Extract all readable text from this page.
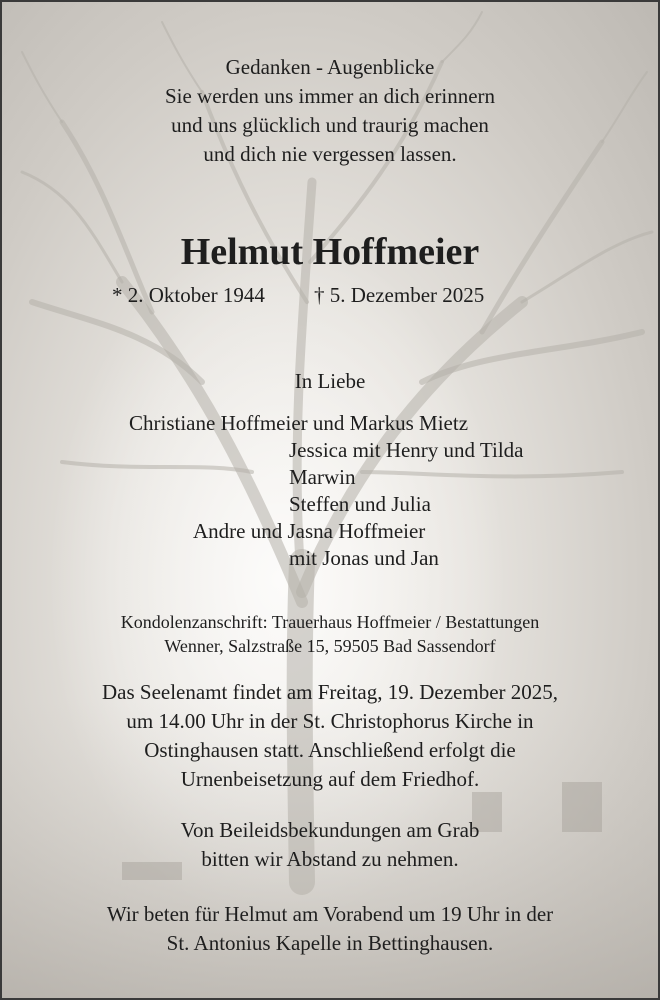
Gedanken - Augenblicke
Sie werden uns immer an dich erinnern
und uns glücklich und traurig machen
und dich nie vergessen lassen.
Helmut Hoffmeier
* 2. Oktober 1944 † 5. Dezember 2025
In Liebe
Christiane Hoffmeier und Markus Mietz
Jessica mit Henry und Tilda
Marwin
Steffen und Julia
Andre und Jasna Hoffmeier
mit Jonas und Jan
Kondolenzanschrift: Trauerhaus Hoffmeier / Bestattungen
Wenner, Salzstraße 15, 59505 Bad Sassendorf
Das Seelenamt findet am Freitag, 19. Dezember 2025,
um 14.00 Uhr in der St. Christophorus Kirche in
Ostinghausen statt. Anschließend erfolgt die
Urnenbeisetzung auf dem Friedhof.
Von Beileidsbekundungen am Grab
bitten wir Abstand zu nehmen.
Wir beten für Helmut am Vorabend um 19 Uhr in der
St. Antonius Kapelle in Bettinghausen.
